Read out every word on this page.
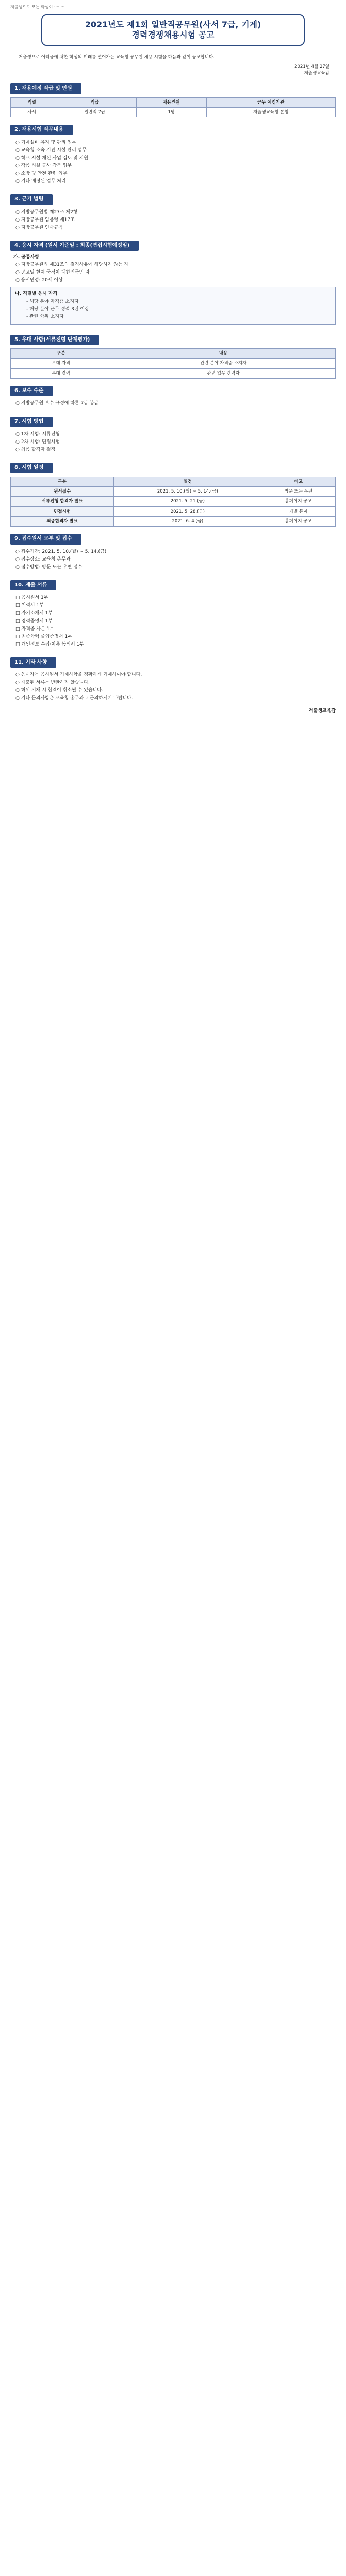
저출생으로 모든 학생이 ·········
2021년도 제1회 일반직공무원(사서 7급, 기계)
경력경쟁채용시험 공고
저출생으로 어려움에 처한 학생의 미래를 열어가는 교육청 공무원 채용 시험을 다음과 같이 공고합니다.
2021년 4월 27일
저출생교육감
1. 채용예정 직급 및 인원
직렬	직급	채용인원	근무 예정기관
사서	일반직 7급	1명	저출생교육청 본청
2. 채용시험 직무내용
○ 기계설비 유지 및 관리 업무
○ 교육청 소속 기관 시설 관리 업무
○ 학교 시설 개선 사업 검토 및 지원
○ 각종 시설 공사 감독 업무
○ 소방 및 안전 관련 업무
○ 기타 배정된 업무 처리
3. 근거 법령
○ 지방공무원법 제27조 제2항
○ 지방공무원 임용령 제17조
○ 지방공무원 인사규칙
4. 응시 자격 (원서 기준일 : 최종(면접시험예정일)
가. 공통사항
○ 지방공무원법 제31조의 결격사유에 해당하지 않는 자
○ 공고일 현재 국적이 대한민국인 자
○ 응시연령: 20세 이상
나. 직렬별 응시 자격
- 해당 분야 자격증 소지자
- 해당 분야 근무 경력 3년 이상
- 관련 학위 소지자
5. 우대 사항(서류전형 단계평가)
구분	내용
우대 자격	관련 분야 자격증 소지자
우대 경력	관련 업무 경력자
6. 보수 수준
○ 지방공무원 보수 규정에 따른 7급 봉급
7. 시험 방법
○ 1차 시험: 서류전형
○ 2차 시험: 면접시험
○ 최종 합격자 결정
8. 시험 일정
구분	일정	비고
원서접수	2021. 5. 10.(월) ~ 5. 14.(금)	방문 또는 우편
서류전형 합격자 발표	2021. 5. 21.(금)	홈페이지 공고
면접시험	2021. 5. 28.(금)	개별 통지
최종합격자 발표	2021. 6. 4.(금)	홈페이지 공고
9. 접수원서 교부 및 접수
○ 접수기간: 2021. 5. 10.(월) ~ 5. 14.(금)
○ 접수장소: 교육청 총무과
○ 접수방법: 방문 또는 우편 접수
10. 제출 서류
□ 응시원서 1부
□ 이력서 1부
□ 자기소개서 1부
□ 경력증명서 1부
□ 자격증 사본 1부
□ 최종학력 졸업증명서 1부
□ 개인정보 수집·이용 동의서 1부
11. 기타 사항
○ 응시자는 응시원서 기재사항을 정확하게 기재하여야 합니다.
○ 제출된 서류는 반환하지 않습니다.
○ 허위 기재 시 합격이 취소될 수 있습니다.
○ 기타 문의사항은 교육청 총무과로 문의하시기 바랍니다.
저출생교육감
